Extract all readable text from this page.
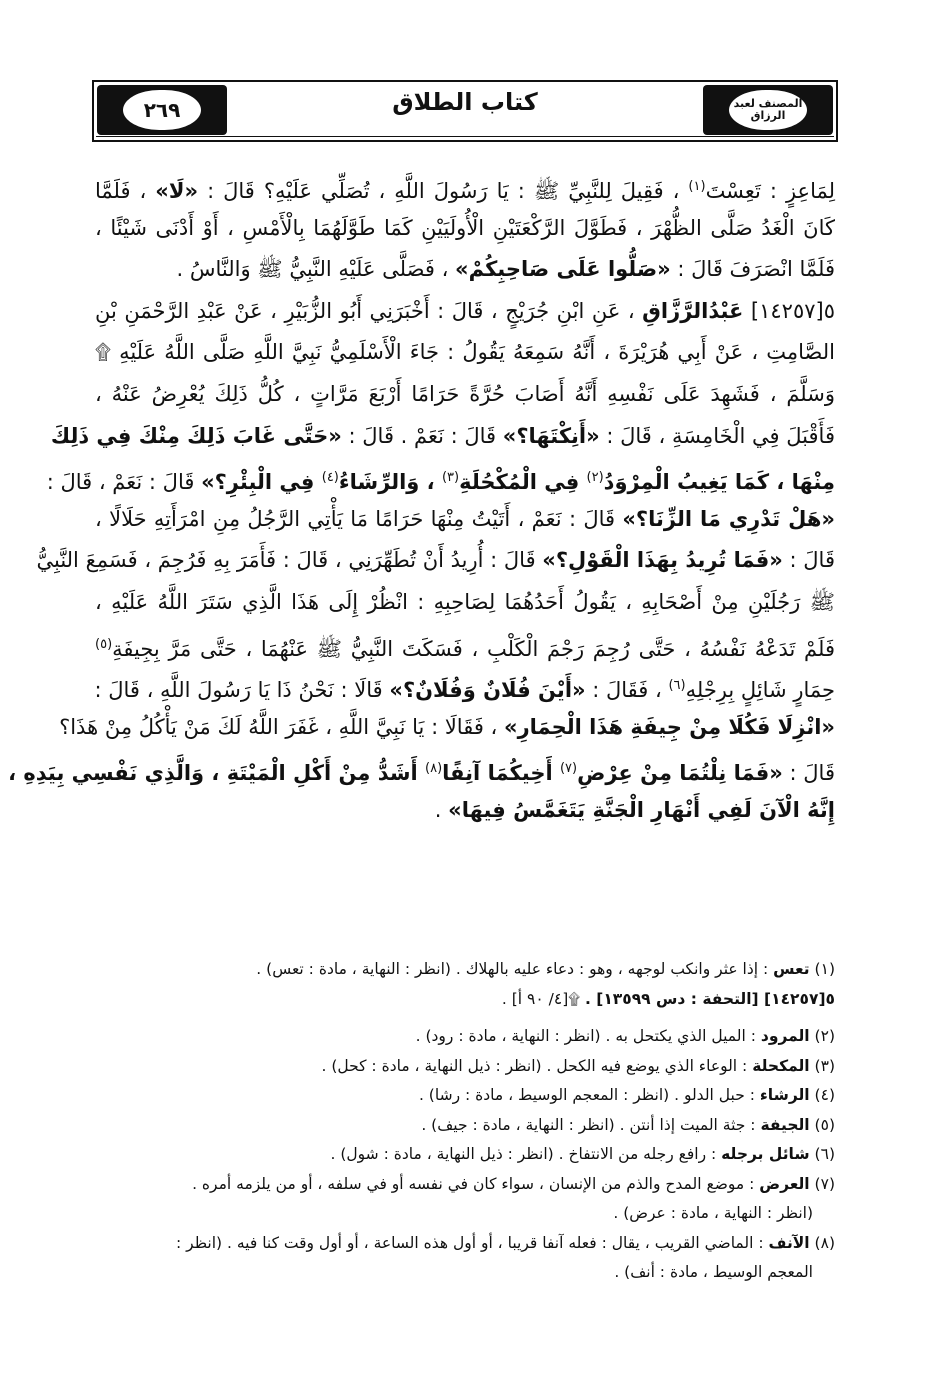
٢٦٩	كتاب الطلاق	المصنف لعبد الرزاق
لِمَاعِزٍ : تَعِسْتَ$^{(١)}$ ، فَقِيلَ لِلنَّبِيِّ ﷺ : يَا رَسُولَ اللَّهِ ، تُصَلِّي عَلَيْهِ؟ قَالَ : «لَا» ، فَلَمَّا
كَانَ الْغَدُ صَلَّى الظُّهْرَ ، فَطَوَّلَ الرَّكْعَتَيْنِ الْأُولَيَيْنِ كَمَا طَوَّلَهُمَا بِالْأَمْسِ ، أَوْ أَدْنَى شَيْئًا ،
فَلَمَّا انْصَرَفَ قَالَ : «صَلُّوا عَلَى صَاحِبِكُمْ» ، فَصَلَّى عَلَيْهِ النَّبِيُّ ﷺ وَالنَّاسُ .
٥[١٤٢٥٧] عَبْدُالرَّزَّاقِ ، عَنِ ابْنِ جُرَيْجٍ ، قَالَ : أَخْبَرَنِي أَبُو الزُّبَيْرِ ، عَنْ عَبْدِ الرَّحْمَنِ بْنِ
الصَّامِتِ ، عَنْ أَبِي هُرَيْرَةَ ، أَنَّهُ سَمِعَهُ يَقُولُ : جَاءَ الْأَسْلَمِيُّ نَبِيَّ اللَّهِ صَلَّى اللَّهُ عَلَيْهِ ۩
وَسَلَّمَ ، فَشَهِدَ عَلَى نَفْسِهِ أَنَّهُ أَصَابَ حُرَّةً حَرَامًا أَرْبَعَ مَرَّاتٍ ، كُلُّ ذَلِكَ يُعْرِضُ عَنْهُ ،
فَأَقْبَلَ فِي الْخَامِسَةِ ، قَالَ : «أَنِكْتَهَا؟» قَالَ : نَعَمْ . قَالَ : «حَتَّى غَابَ ذَلِكَ مِنْكَ فِي ذَلِكَ
مِنْهَا ، كَمَا يَغِيبُ الْمِرْوَدُ$^{(٢)}$ فِي الْمُكْحُلَةِ$^{(٣)}$ ، وَالرِّشَاءُ$^{(٤)}$ فِي الْبِئْرِ؟» قَالَ : نَعَمْ ، قَالَ :
«هَلْ تَدْرِي مَا الزِّنَا؟» قَالَ : نَعَمْ ، أَتَيْتُ مِنْهَا حَرَامًا مَا يَأْتِي الرَّجُلُ مِنِ امْرَأَتِهِ حَلَالًا ،
قَالَ : «فَمَا تُرِيدُ بِهَذَا الْقَوْلِ؟» قَالَ : أُرِيدُ أَنْ تُطَهِّرَنِي ، قَالَ : فَأَمَرَ بِهِ فَرُجِمَ ، فَسَمِعَ النَّبِيُّ
ﷺ رَجُلَيْنِ مِنْ أَصْحَابِهِ ، يَقُولُ أَحَدُهُمَا لِصَاحِبِهِ : انْظُرْ إِلَى هَذَا الَّذِي سَتَرَ اللَّهُ عَلَيْهِ ،
فَلَمْ تَدَعْهُ نَفْسُهُ ، حَتَّى رُجِمَ رَجْمَ الْكَلْبِ ، فَسَكَتَ النَّبِيُّ ﷺ عَنْهُمَا ، حَتَّى مَرَّ بِجِيفَةِ$^{(٥)}$
حِمَارٍ شَائِلٍ بِرِجْلِهِ$^{(٦)}$ ، فَقَالَ : «أَيْنَ فُلَانٌ وَفُلَانٌ؟» قَالَا : نَحْنُ ذَا يَا رَسُولَ اللَّهِ ، قَالَ :
«انْزِلَا فَكُلَا مِنْ جِيفَةِ هَذَا الْحِمَارِ» ، فَقَالَا : يَا نَبِيَّ اللَّهِ ، غَفَرَ اللَّهُ لَكَ مَنْ يَأْكُلُ مِنْ هَذَا؟
قَالَ : «فَمَا نِلْتُمَا مِنْ عِرْضِ$^{(٧)}$ أَخِيكُمَا آنِفًا$^{(٨)}$ أَشَدُّ مِنْ أَكْلِ الْمَيْتَةِ ، وَالَّذِي نَفْسِي بِيَدِهِ ،
إِنَّهُ الْآنَ لَفِي أَنْهَارِ الْجَنَّةِ يَتَغَمَّسُ فِيهَا» .
(١) تعس : إذا عثر وانكب لوجهه ، وهو : دعاء عليه بالهلاك . (انظر : النهاية ، مادة : تعس) .
٥[١٤٢٥٧] [التحفة : دس ١٣٥٩٩] . ۩[٤/ ٩٠ أ] .
(٢) المرود : الميل الذي يكتحل به . (انظر : النهاية ، مادة : رود) .
(٣) المكحلة : الوعاء الذي يوضع فيه الكحل . (انظر : ذيل النهاية ، مادة : كحل) .
(٤) الرشاء : حبل الدلو . (انظر : المعجم الوسيط ، مادة : رشا) .
(٥) الجيفة : جثة الميت إذا أنتن . (انظر : النهاية ، مادة : جيف) .
(٦) شائل برجله : رافع رجله من الانتفاخ . (انظر : ذيل النهاية ، مادة : شول) .
(٧) العرض : موضع المدح والذم من الإنسان ، سواء كان في نفسه أو في سلفه ، أو من يلزمه أمره .
(انظر : النهاية ، مادة : عرض) .
(٨) الآنف : الماضي القريب ، يقال : فعله آنفا قريبا ، أو أول هذه الساعة ، أو أول وقت كنا فيه . (انظر :
المعجم الوسيط ، مادة : أنف) .
